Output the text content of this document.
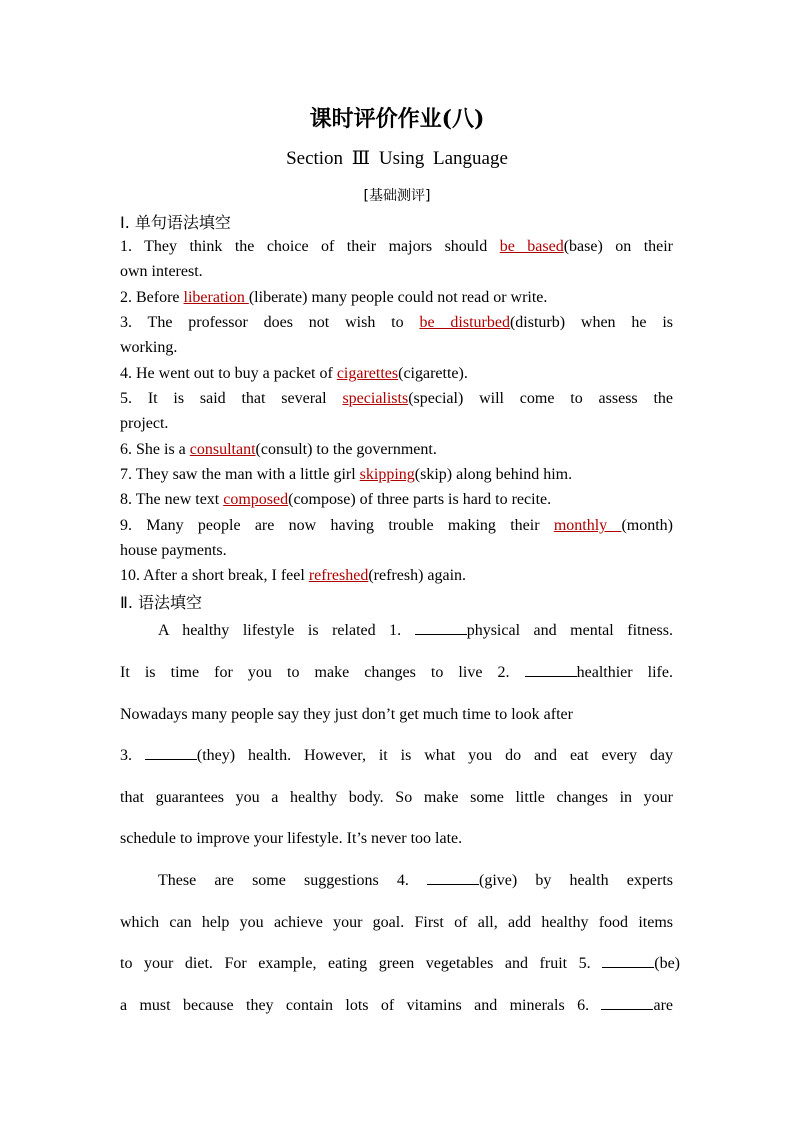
课时评价作业(八)
Section Ⅲ Using Language
[基础测评]
Ⅰ. 单句语法填空
1. They think the choice of their majors should be based(base) on their
own interest.
2. Before liberation (liberate) many people could not read or write.
3. The professor does not wish to be disturbed(disturb) when he is
working.
4. He went out to buy a packet of cigarettes(cigarette).
5. It is said that several specialists(special) will come to assess the
project.
6. She is a consultant(consult) to the government.
7. They saw the man with a little girl skipping(skip) along behind him.
8. The new text composed(compose) of three parts is hard to recite.
9. Many people are now having trouble making their monthly (month)
house payments.
10. After a short break, I feel refreshed(refresh) again.
Ⅱ. 语法填空
A healthy lifestyle is related 1.	physical and mental fitness.
It is time for you to make changes to live 2.	healthier life.
Nowadays many people say they just don’t get much time to look after
3.	(they) health. However, it is what you do and eat every day
that guarantees you a healthy body. So make some little changes in your
schedule to improve your lifestyle. It’s never too late.
These are some suggestions 4.	(give) by health experts
which can help you achieve your goal. First of all, add healthy food items
to your diet. For example, eating green vegetables and fruit 5.	(be)
a must because they contain lots of vitamins and minerals 6.	are
